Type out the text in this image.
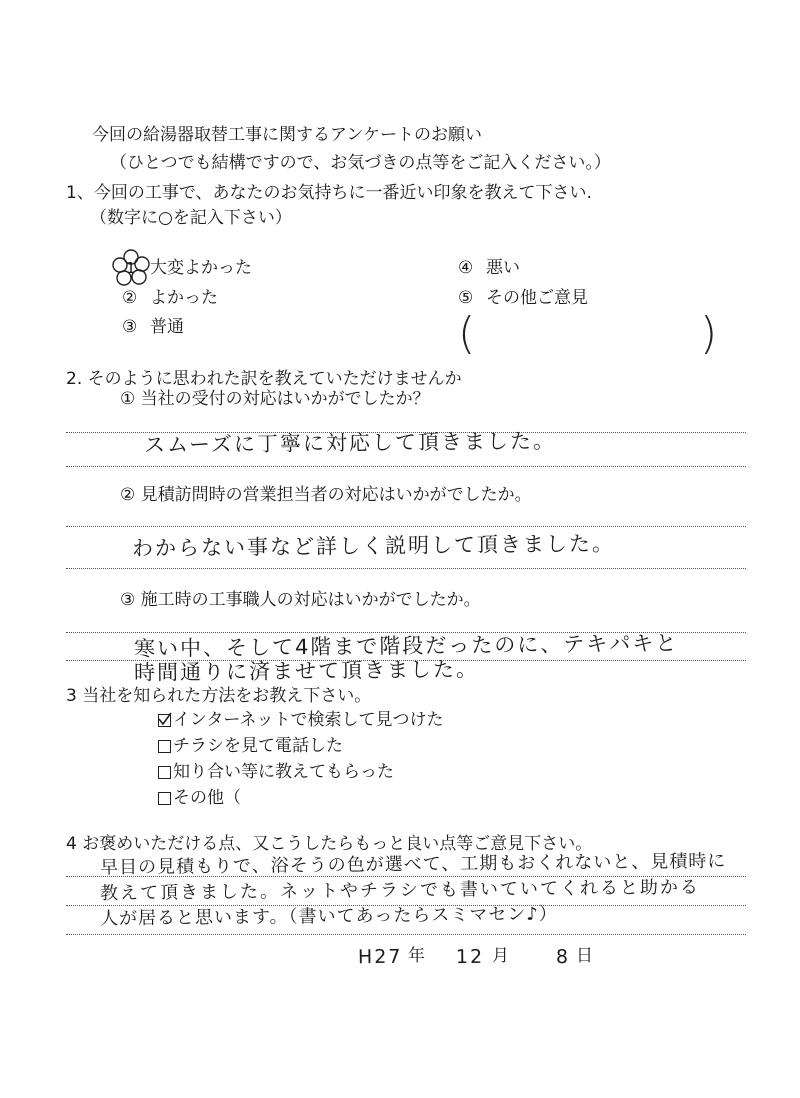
今回の給湯器取替工事に関するアンケートのお願い
（ひとつでも結構ですので、お気づきの点等をご記入ください。）
1、今回の工事で、あなたのお気持ちに一番近い印象を教えて下さい.
（数字に○を記入下さい）
1 大変よかった
② よかった
③ 普通
④ 悪い
⑤ その他ご意見
(	)
2. そのように思われた訳を教えていただけませんか
① 当社の受付の対応はいかがでしたか？
スムーズに丁寧に対応して頂きました。
② 見積訪問時の営業担当者の対応はいかがでしたか。
わからない事など詳しく説明して頂きました。
③ 施工時の工事職人の対応はいかがでしたか。
寒い中、そして4階まで階段だったのに、テキパキと
時間通りに済ませて頂きました。
3 当社を知られた方法をお教え下さい。
インターネットで検索して見つけた
チラシを見て電話した
知り合い等に教えてもらった
その他（
4 お褒めいただける点、又こうしたらもっと良い点等ご意見下さい。
早目の見積もりで、浴そうの色が選べて、工期もおくれないと、見積時に
教えて頂きました。ネットやチラシでも書いていてくれると助かる
人が居ると思います。（書いてあったらスミマセン♪）
H27 年 12 月 8 日
